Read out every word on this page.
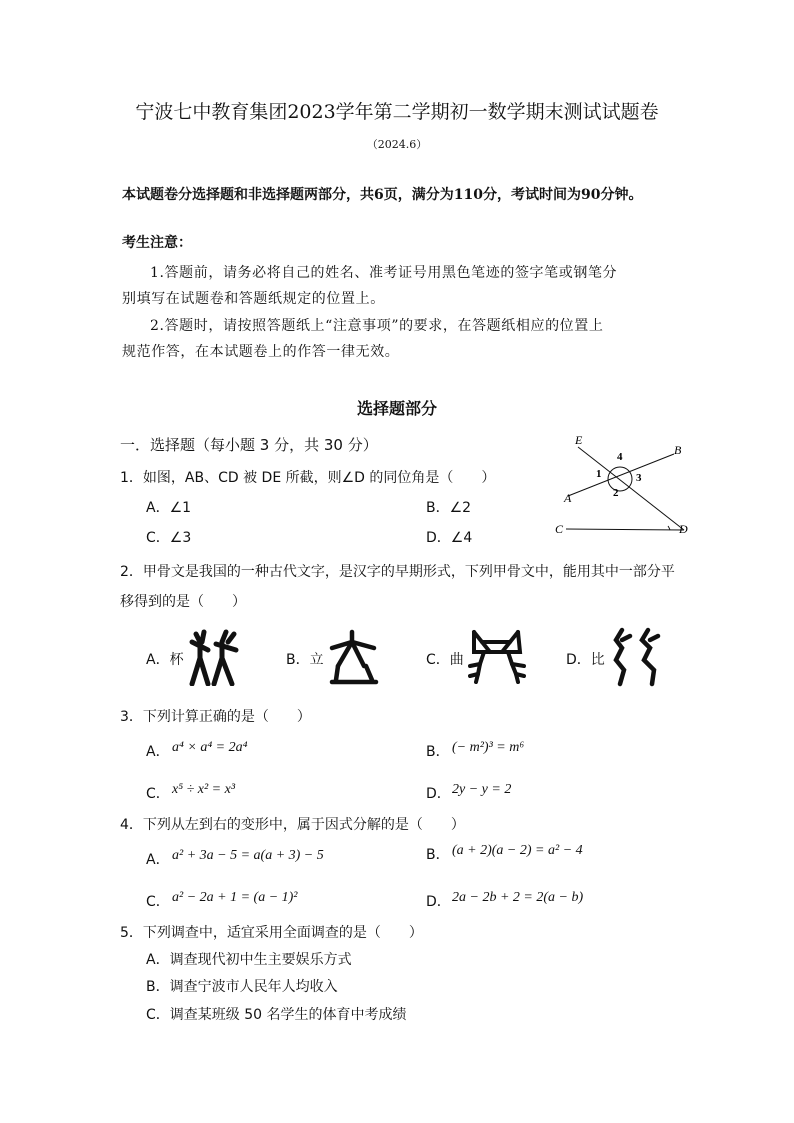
宁波七中教育集团2023学年第二学期初一数学期末测试试题卷
（2024.6）
本试题卷分选择题和非选择题两部分，共6页，满分为110分，考试时间为90分钟。
考生注意：
1.答题前，请务必将自己的姓名、准考证号用黑色笔迹的签字笔或钢笔分
别填写在试题卷和答题纸规定的位置上。
2.答题时，请按照答题纸上“注意事项”的要求，在答题纸相应的位置上
规范作答，在本试题卷上的作答一律无效。
选择题部分
一．选择题（每小题 3 分，共 30 分）
1．如图，AB、CD 被 DE 所截，则∠D 的同位角是（　　）
A．∠1	B．∠2
C．∠3	D．∠4
E
B
A
C	D
1
2
3
4
2．甲骨文是我国的一种古代文字，是汉字的早期形式，下列甲骨文中，能用其中一部分平
移得到的是（　　）
A．杯	B．立	C．曲	D．比
3．下列计算正确的是（　　）
A． a⁴ × a⁴ = 2a⁴	B． (− m²)³ = m⁶
C． x⁵ ÷ x² = x³	D． 2y − y = 2
4．下列从左到右的变形中，属于因式分解的是（　　）
A． a² + 3a − 5 = a(a + 3) − 5	B． (a + 2)(a − 2) = a² − 4
C． a² − 2a + 1 = (a − 1)²	D． 2a − 2b + 2 = 2(a − b)
5．下列调查中，适宜采用全面调查的是（　　）
A．调查现代初中生主要娱乐方式
B．调查宁波市人民年人均收入
C．调查某班级 50 名学生的体育中考成绩
